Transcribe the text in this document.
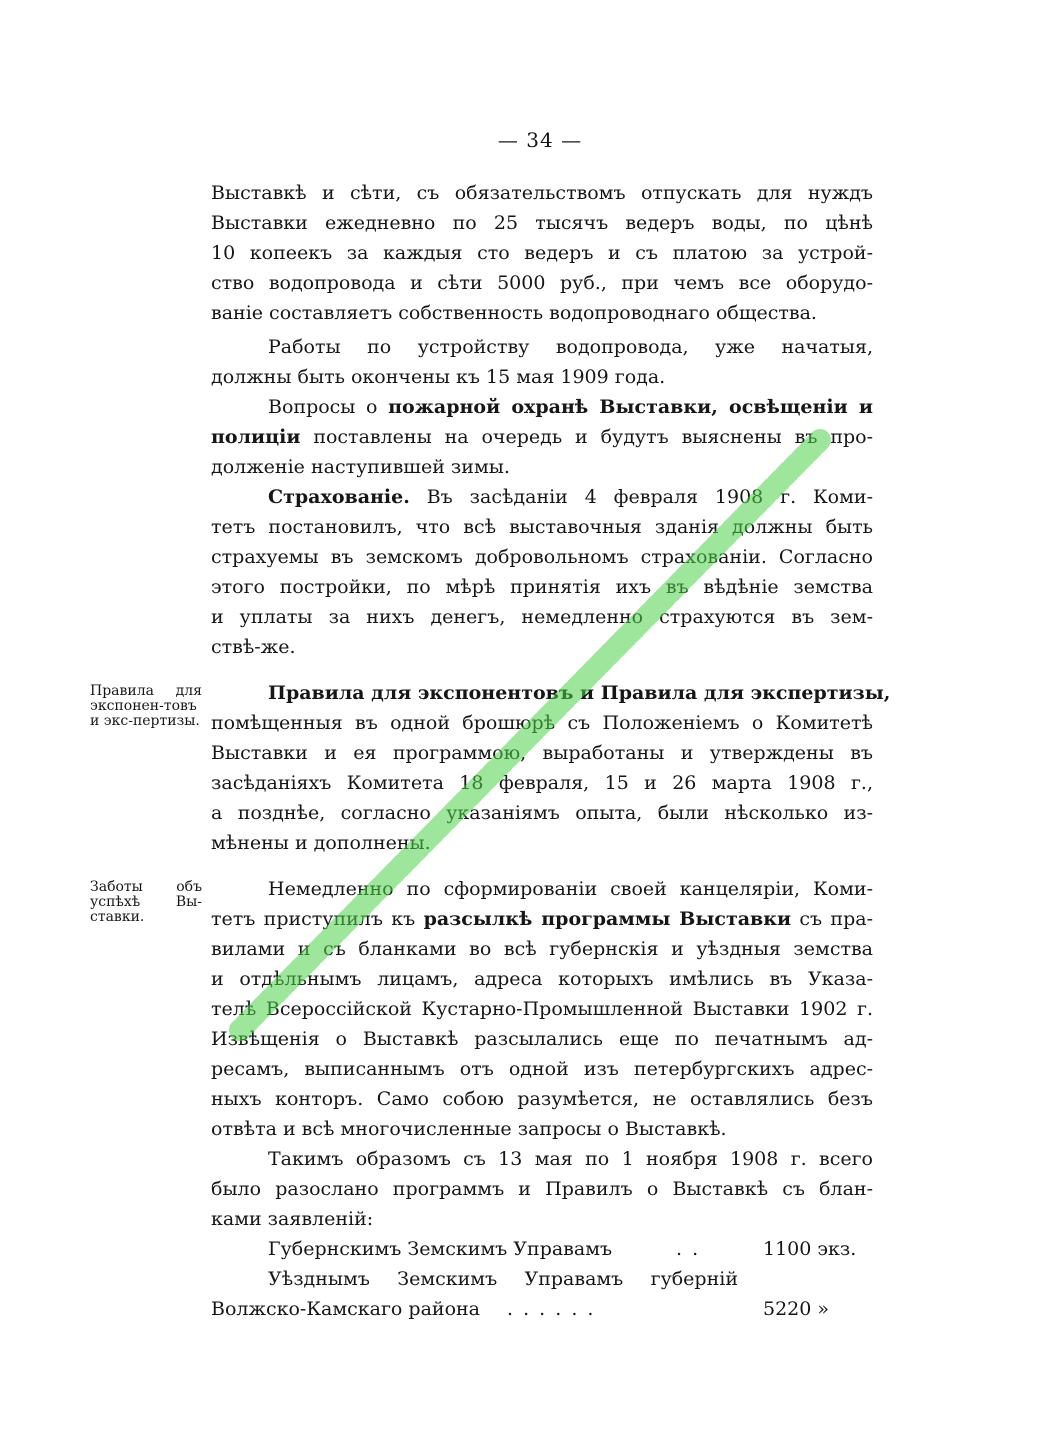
— 34 —
Выставкѣ и сѣти, съ обязательствомъ отпускать для нуждъ
Выставки ежедневно по 25 тысячъ ведеръ воды, по цѣнѣ
10 копеекъ за каждыя сто ведеръ и съ платою за устрой-
ство водопровода и сѣти 5000 руб., при чемъ все оборудо-
ваніе составляетъ собственность водопроводнаго общества.
Работы по устройству водопровода, уже начатыя,
должны быть окончены къ 15 мая 1909 года.
Вопросы о пожарной охранѣ Выставки, освѣщеніи и
полиціи поставлены на очередь и будутъ выяснены въ про-
долженіе наступившей зимы.
Страхованіе. Въ засѣданіи 4 февраля 1908 г. Коми-
тетъ постановилъ, что всѣ выставочныя зданія должны быть
страхуемы въ земскомъ добровольномъ страхованіи. Согласно
этого постройки, по мѣрѣ принятія ихъ въ вѣдѣніе земства
и уплаты за нихъ денегъ, немедленно страхуются въ зем-
ствѣ-же.
Правила для экспонен-товъ и экс-пертизы.
Правила для экспонентовъ и Правила для экспертизы,
помѣщенныя въ одной брошюрѣ съ Положеніемъ о Комитетѣ
Выставки и ея программою, выработаны и утверждены въ
засѣданіяхъ Комитета 18 февраля, 15 и 26 марта 1908 г.,
а позднѣе, согласно указаніямъ опыта, были нѣсколько из-
мѣнены и дополнены.
Заботы объ успѣхѣ Вы-ставки.
Немедленно по сформированіи своей канцеляріи, Коми-
тетъ приступилъ къ разсылкѣ программы Выставки съ пра-
вилами и съ бланками во всѣ губернскія и уѣздныя земства
и отдѣльнымъ лицамъ, адреса которыхъ имѣлись въ Указа-
телѣ Всероссійской Кустарно-Промышленной Выставки 1902 г.
Извѣщенія о Выставкѣ разсылались еще по печатнымъ ад-
ресамъ, выписаннымъ отъ одной изъ петербургскихъ адрес-
ныхъ конторъ. Само собою разумѣется, не оставлялись безъ
отвѣта и всѣ многочисленные запросы о Выставкѣ.
Такимъ образомъ съ 13 мая по 1 ноября 1908 г. всего
было разослано программъ и Правилъ о Выставкѣ съ блан-
ками заявленій:
Губернскимъ Земскимъ Управамъ	. .	1100 экз.
Уѣзднымъ Земскимъ Управамъ губерній
Волжско-Камскаго района . . . . . .	5220 »
